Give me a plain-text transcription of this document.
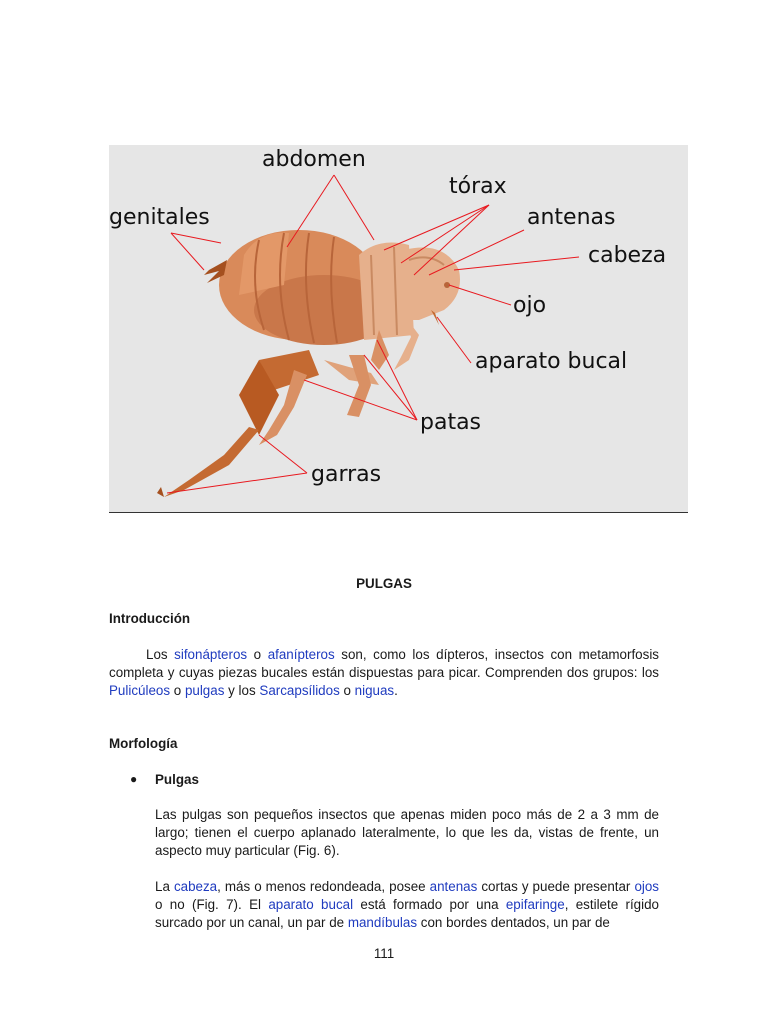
abdomen
tórax
genitales	antenas
cabeza
ojo
aparato bucal
patas
garras
PULGAS
Introducción
Los sifonápteros o afanípteros son, como los dípteros, insectos con metamorfosis completa y cuyas piezas bucales están dispuestas para picar. Comprenden dos grupos: los Pulicúleos o pulgas y los Sarcapsílidos o niguas.
Morfología
● Pulgas
Las pulgas son pequeños insectos que apenas miden poco más de 2 a 3 mm de largo; tienen el cuerpo aplanado lateralmente, lo que les da, vistas de frente, un aspecto muy particular (Fig. 6).
La cabeza, más o menos redondeada, posee antenas cortas y puede presentar ojos o no (Fig. 7). El aparato bucal está formado por una epifaringe, estilete rígido surcado por un canal, un par de mandíbulas con bordes dentados, un par de
111
